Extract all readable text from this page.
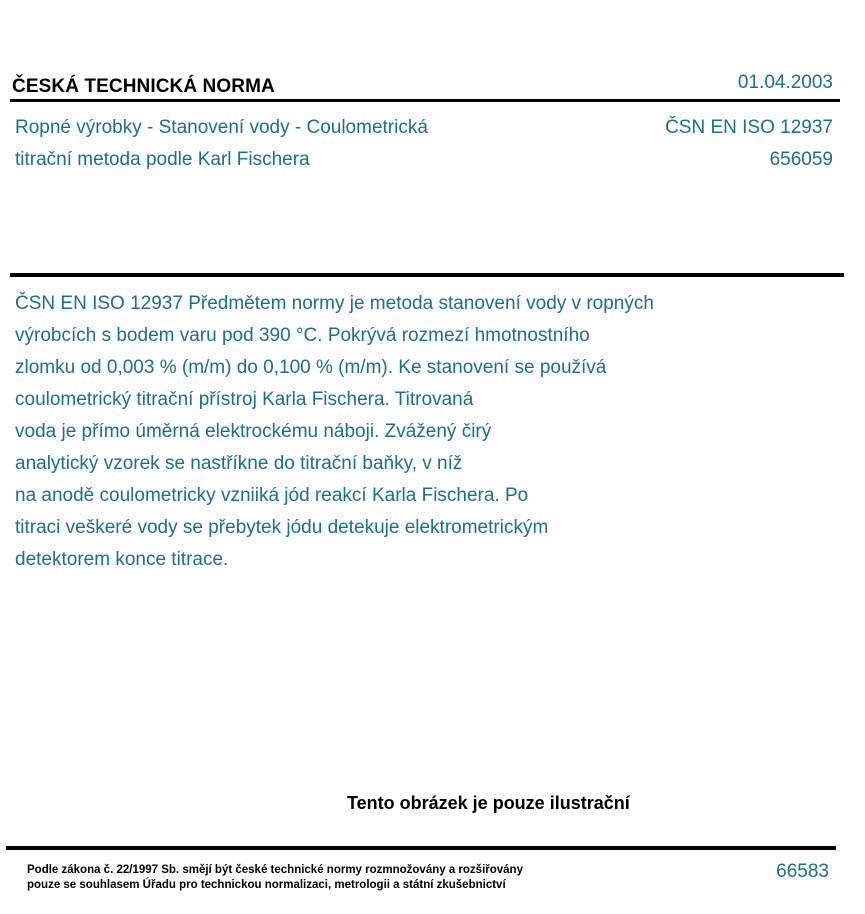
ČESKÁ TECHNICKÁ NORMA	01.04.2003
Ropné výrobky - Stanovení vody - Coulometrická
titrační metoda podle Karl Fischera
ČSN EN ISO 12937
656059
ČSN EN ISO 12937 Předmětem normy je metoda stanovení vody v ropných
výrobcích s bodem varu pod 390 °C. Pokrývá rozmezí hmotnostního
zlomku od 0,003 % (m/m) do 0,100 % (m/m). Ke stanovení se používá
coulometrický titrační přístroj Karla Fischera. Titrovaná
voda je přímo úměrná elektrockému náboji. Zvážený čirý
analytický vzorek se nastříkne do titrační baňky, v níž
na anodě coulometricky vzniiká jód reakcí Karla Fischera. Po
titraci veškeré vody se přebytek jódu detekuje elektrometrickým
detektorem konce titrace.
Tento obrázek je pouze ilustrační
Podle zákona č. 22/1997 Sb. smějí být české technické normy rozmnožovány a rozšiřovány
pouze se souhlasem Úřadu pro technickou normalizaci, metrologii a státní zkušebnictví
66583
